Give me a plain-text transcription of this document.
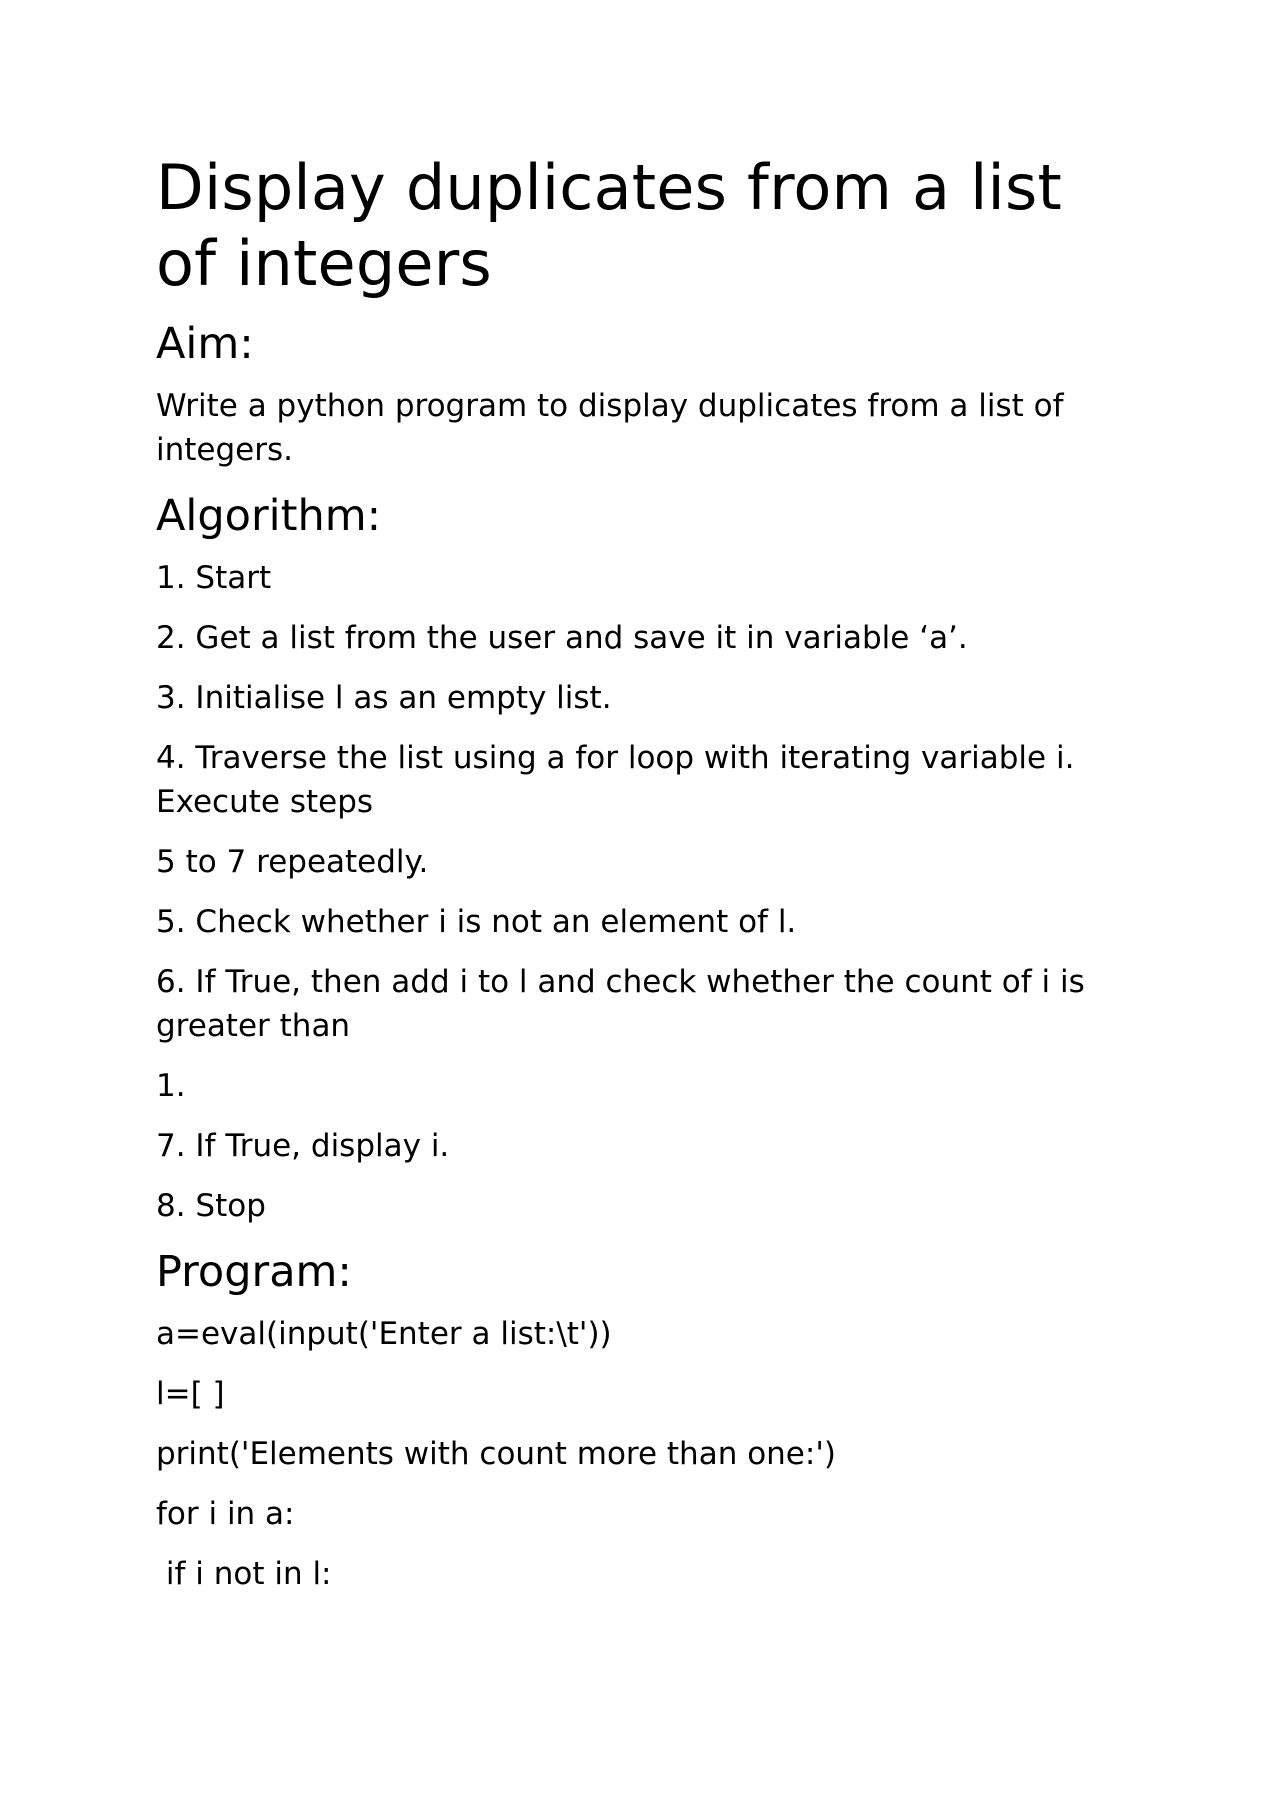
Display duplicates from a list of integers
Aim:

Write a python program to display duplicates from a list of integers.

Algorithm:

1. Start

2. Get a list from the user and save it in variable ‘a’.

3. Initialise l as an empty list.

4. Traverse the list using a for loop with iterating variable i. Execute steps

5 to 7 repeatedly.

5. Check whether i is not an element of l.

6. If True, then add i to l and check whether the count of i is greater than

1.

7. If True, display i.

8. Stop

Program:

a=eval(input('Enter a list:\t'))

l=[ ]

print('Elements with count more than one:')

for i in a:

if i not in l:
